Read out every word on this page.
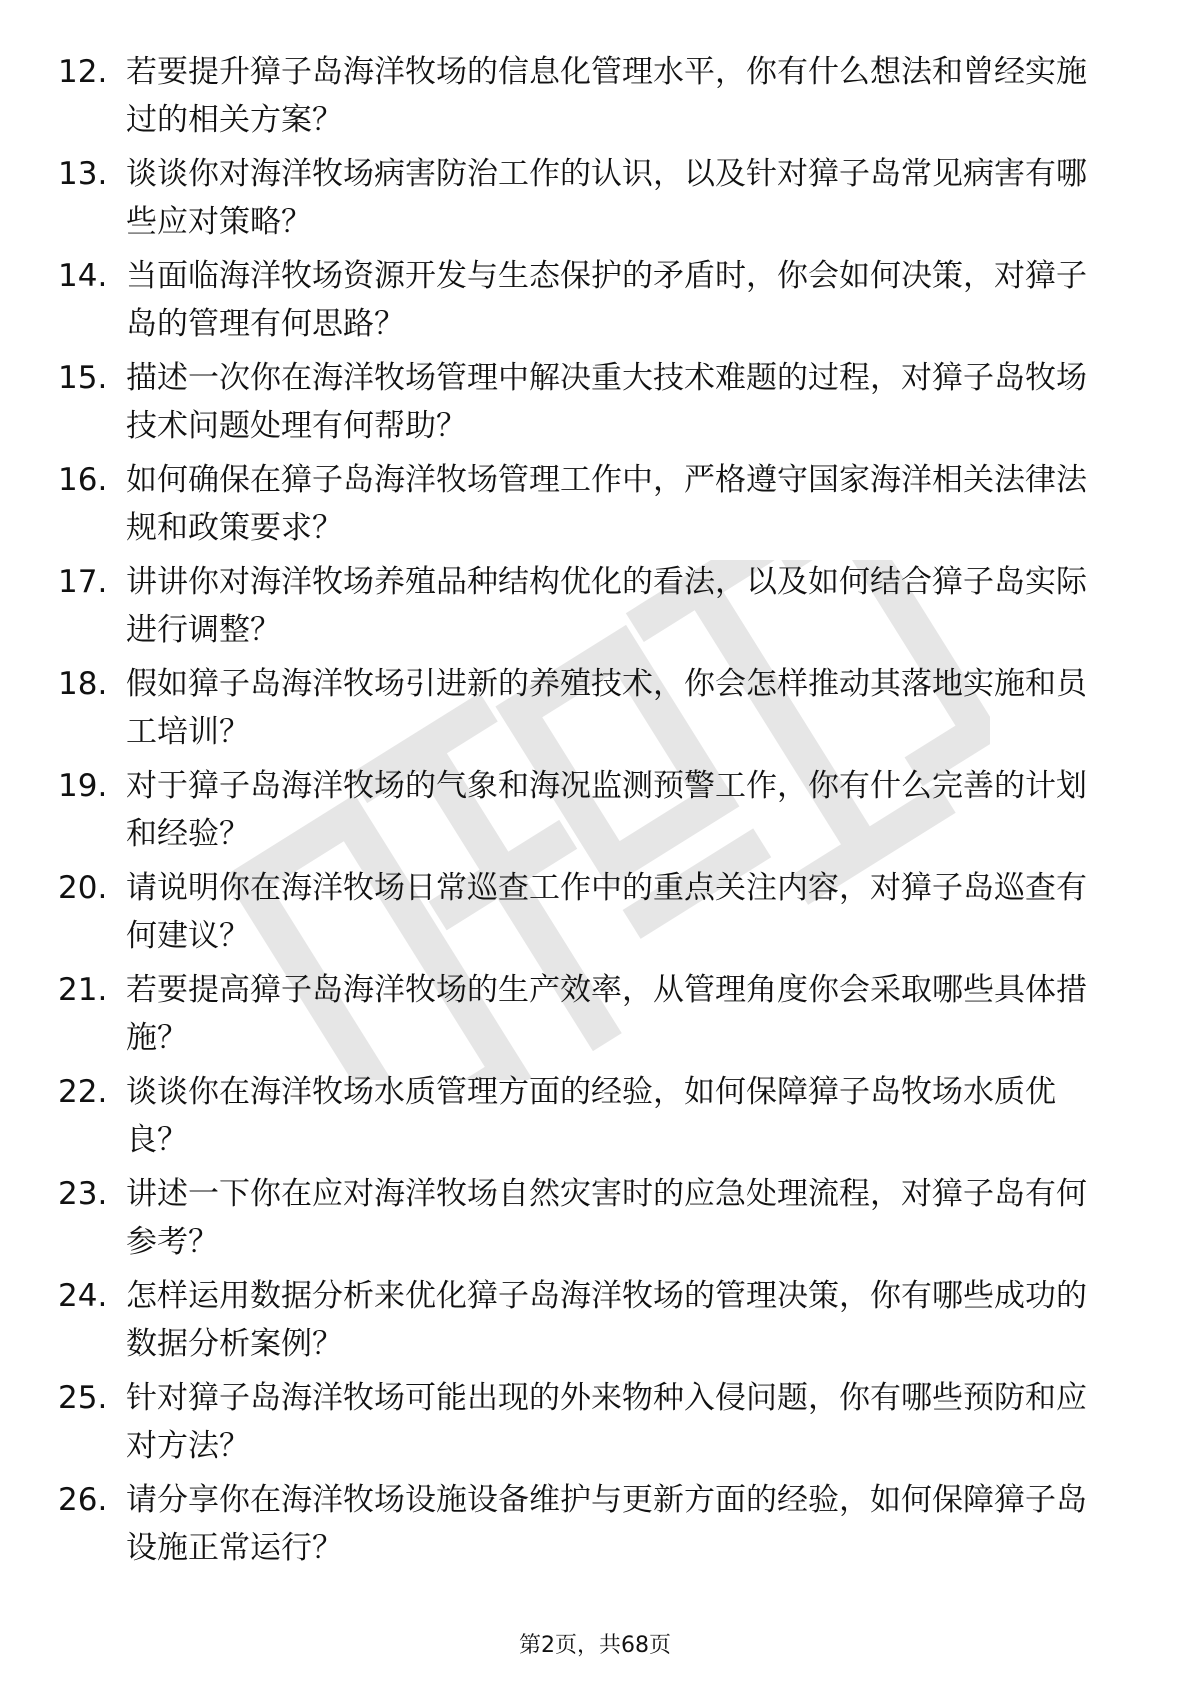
12. 若要提升獐子岛海洋牧场的信息化管理水平，你有什么想法和曾经实施过的相关方案？
13. 谈谈你对海洋牧场病害防治工作的认识，以及针对獐子岛常见病害有哪些应对策略？
14. 当面临海洋牧场资源开发与生态保护的矛盾时，你会如何决策，对獐子岛的管理有何思路？
15. 描述一次你在海洋牧场管理中解决重大技术难题的过程，对獐子岛牧场技术问题处理有何帮助？
16. 如何确保在獐子岛海洋牧场管理工作中，严格遵守国家海洋相关法律法规和政策要求？
17. 讲讲你对海洋牧场养殖品种结构优化的看法，以及如何结合獐子岛实际进行调整？
18. 假如獐子岛海洋牧场引进新的养殖技术，你会怎样推动其落地实施和员工培训？
19. 对于獐子岛海洋牧场的气象和海况监测预警工作，你有什么完善的计划和经验？
20. 请说明你在海洋牧场日常巡查工作中的重点关注内容，对獐子岛巡查有何建议？
21. 若要提高獐子岛海洋牧场的生产效率，从管理角度你会采取哪些具体措施？
22. 谈谈你在海洋牧场水质管理方面的经验，如何保障獐子岛牧场水质优良？
23. 讲述一下你在应对海洋牧场自然灾害时的应急处理流程，对獐子岛有何参考？
24. 怎样运用数据分析来优化獐子岛海洋牧场的管理决策，你有哪些成功的数据分析案例？
25. 针对獐子岛海洋牧场可能出现的外来物种入侵问题，你有哪些预防和应对方法？
26. 请分享你在海洋牧场设施设备维护与更新方面的经验，如何保障獐子岛设施正常运行？
第2页，共68页
